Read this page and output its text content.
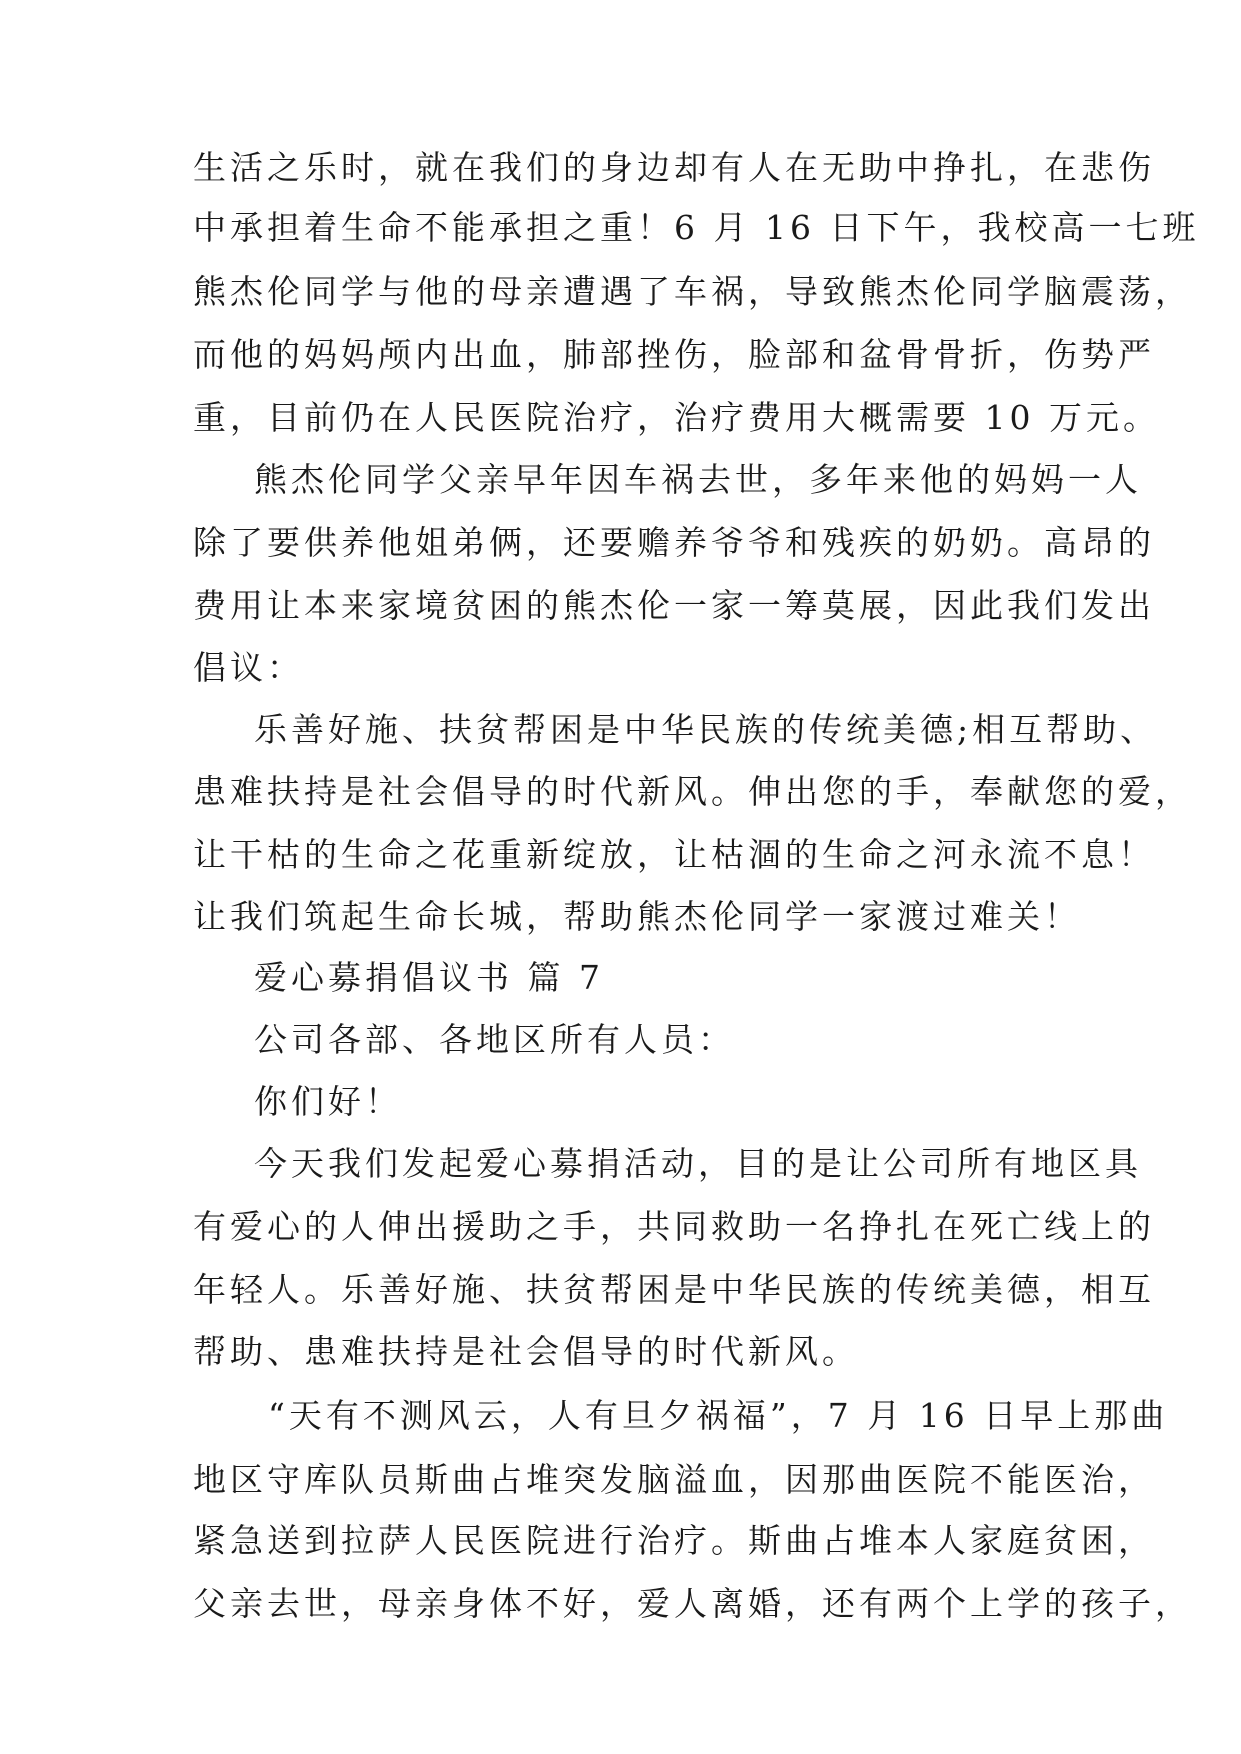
生活之乐时，就在我们的身边却有人在无助中挣扎，在悲伤
中承担着生命不能承担之重！6 月 16 日下午，我校高一七班
熊杰伦同学与他的母亲遭遇了车祸，导致熊杰伦同学脑震荡，
而他的妈妈颅内出血，肺部挫伤，脸部和盆骨骨折，伤势严
重，目前仍在人民医院治疗，治疗费用大概需要 10 万元。
熊杰伦同学父亲早年因车祸去世，多年来他的妈妈一人
除了要供养他姐弟俩，还要赡养爷爷和残疾的奶奶。高昂的
费用让本来家境贫困的熊杰伦一家一筹莫展，因此我们发出
倡议：
乐善好施、扶贫帮困是中华民族的传统美德;相互帮助、
患难扶持是社会倡导的时代新风。伸出您的手，奉献您的爱，
让干枯的生命之花重新绽放，让枯涸的生命之河永流不息！
让我们筑起生命长城，帮助熊杰伦同学一家渡过难关！
爱心募捐倡议书 篇 7
公司各部、各地区所有人员：
你们好！
今天我们发起爱心募捐活动，目的是让公司所有地区具
有爱心的人伸出援助之手，共同救助一名挣扎在死亡线上的
年轻人。乐善好施、扶贫帮困是中华民族的传统美德，相互
帮助、患难扶持是社会倡导的时代新风。
“天有不测风云，人有旦夕祸福”，7 月 16 日早上那曲
地区守库队员斯曲占堆突发脑溢血，因那曲医院不能医治，
紧急送到拉萨人民医院进行治疗。斯曲占堆本人家庭贫困，
父亲去世，母亲身体不好，爱人离婚，还有两个上学的孩子，
